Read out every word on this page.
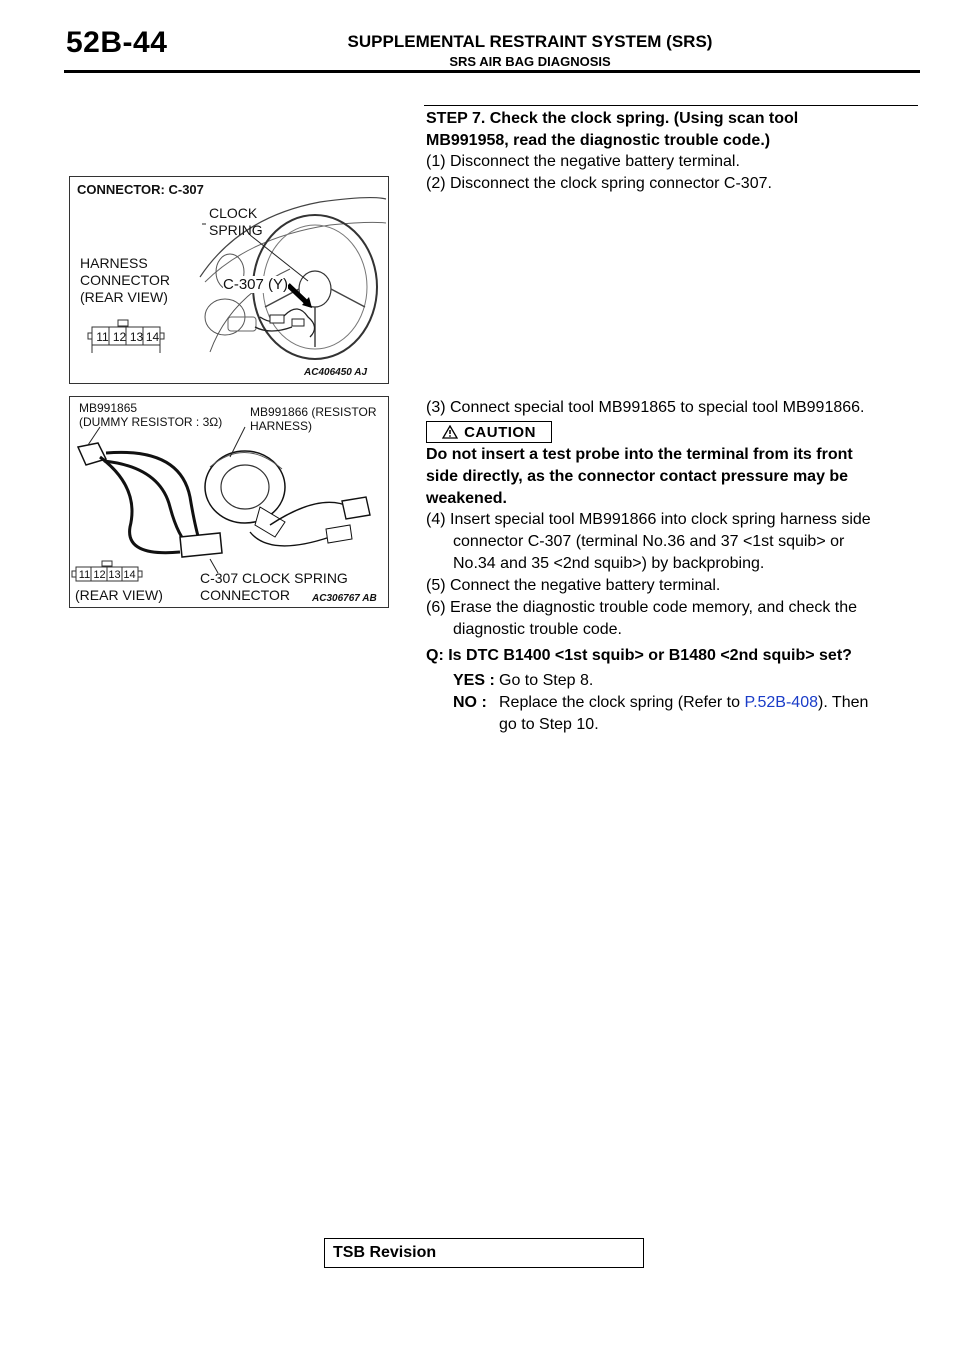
52B-44	SUPPLEMENTAL RESTRAINT SYSTEM (SRS)
SRS AIR BAG DIAGNOSIS
CONNECTOR: C-307
CLOCK
SPRING
HARNESS
CONNECTOR
(REAR VIEW)
C-307 (Y)
11 12 13 14
AC406450 AJ
MB991865
(DUMMY RESISTOR : 3Ω)
MB991866 (RESISTOR
HARNESS)
11 12 13 14
(REAR VIEW)
C-307 CLOCK SPRING
CONNECTOR	AC306767 AB
STEP 7. Check the clock spring. (Using scan tool
MB991958, read the diagnostic trouble code.)
(1) Disconnect the negative battery terminal.
(2) Disconnect the clock spring connector C-307.
(3) Connect special tool MB991865 to special tool MB991866.
CAUTION
Do not insert a test probe into the terminal from its front
side directly, as the connector contact pressure may be
weakened.
(4) Insert special tool MB991866 into clock spring harness side
connector C-307 (terminal No.36 and 37 <1st squib> or
No.34 and 35 <2nd squib>) by backprobing.
(5) Connect the negative battery terminal.
(6) Erase the diagnostic trouble code memory, and check the
diagnostic trouble code.
Q: Is DTC B1400 <1st squib> or B1480 <2nd squib> set?
YES : Go to Step 8.
NO : Replace the clock spring (Refer to P.52B-408). Then
go to Step 10.
TSB Revision
